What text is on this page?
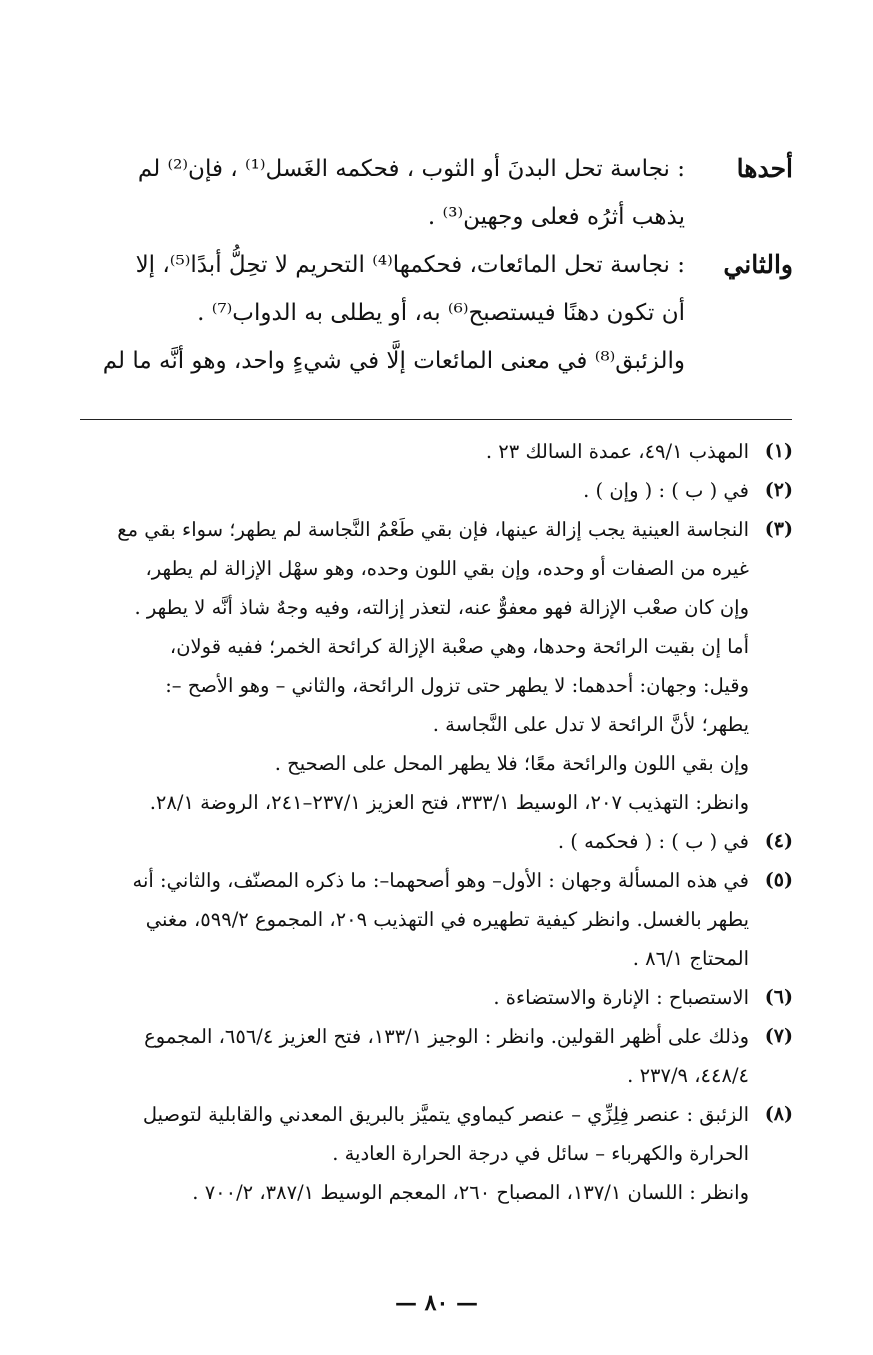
أحدها
: نجاسة تحل البدنَ أو الثوب ، فحكمه الغَسل⁽¹⁾ ، فإن⁽²⁾ لم
يذهب أثرُه فعلى وجهين⁽³⁾ .
والثاني
: نجاسة تحل المائعات، فحكمها⁽⁴⁾ التحريم لا تحِلُّ أبدًا⁽⁵⁾، إلا
أن تكون دهنًا فيستصبح⁽⁶⁾ به، أو يطلى به الدواب⁽⁷⁾ .
والزئبق⁽⁸⁾ في معنى المائعات إلَّا في شيءٍ واحد، وهو أنَّه ما لم
(١)
المهذب ٤٩/١، عمدة السالك ٢٣ .
(٢)
في ( ب ) : ( وإن ) .
(٣)
النجاسة العينية يجب إزالة عينها، فإن بقي طَعْمُ النَّجاسة لم يطهر؛ سواء بقي مع
غيره من الصفات أو وحده، وإن بقي اللون وحده، وهو سهْل الإزالة لم يطهر،
وإن كان صعْب الإزالة فهو معفوٌّ عنه، لتعذر إزالته، وفيه وجهٌ شاذ أنَّه لا يطهر .
أما إن بقيت الرائحة وحدها، وهي صعْبة الإزالة كرائحة الخمر؛ ففيه قولان،
وقيل: وجهان: أحدهما: لا يطهر حتى تزول الرائحة، والثاني – وهو الأصح –:
يطهر؛ لأنَّ الرائحة لا تدل على النَّجاسة .
وإن بقي اللون والرائحة معًا؛ فلا يطهر المحل على الصحيح .
وانظر: التهذيب ٢٠٧، الوسيط ٣٣٣/١، فتح العزيز ٢٣٧/١–٢٤١، الروضة ٢٨/١.
(٤)
في ( ب ) : ( فحكمه ) .
(٥)
في هذه المسألة وجهان : الأول– وهو أصحهما–: ما ذكره المصنّف، والثاني: أنه
يطهر بالغسل. وانظر كيفية تطهيره في التهذيب ٢٠٩، المجموع ٥٩٩/٢، مغني
المحتاج ٨٦/١ .
(٦)
الاستصباح : الإنارة والاستضاءة .
(٧)
وذلك على أظهر القولين. وانظر : الوجيز ١٣٣/١، فتح العزيز ٦٥٦/٤، المجموع
٤٤٨/٤، ٢٣٧/٩ .
(٨)
الزئبق : عنصر فِلِزِّي – عنصر كيماوي يتميَّز بالبريق المعدني والقابلية لتوصيل
الحرارة والكهرباء – سائل في درجة الحرارة العادية .
وانظر : اللسان ١٣٧/١، المصباح ٢٦٠، المعجم الوسيط ٣٨٧/١، ٧٠٠/٢ .
— ٨٠ —
